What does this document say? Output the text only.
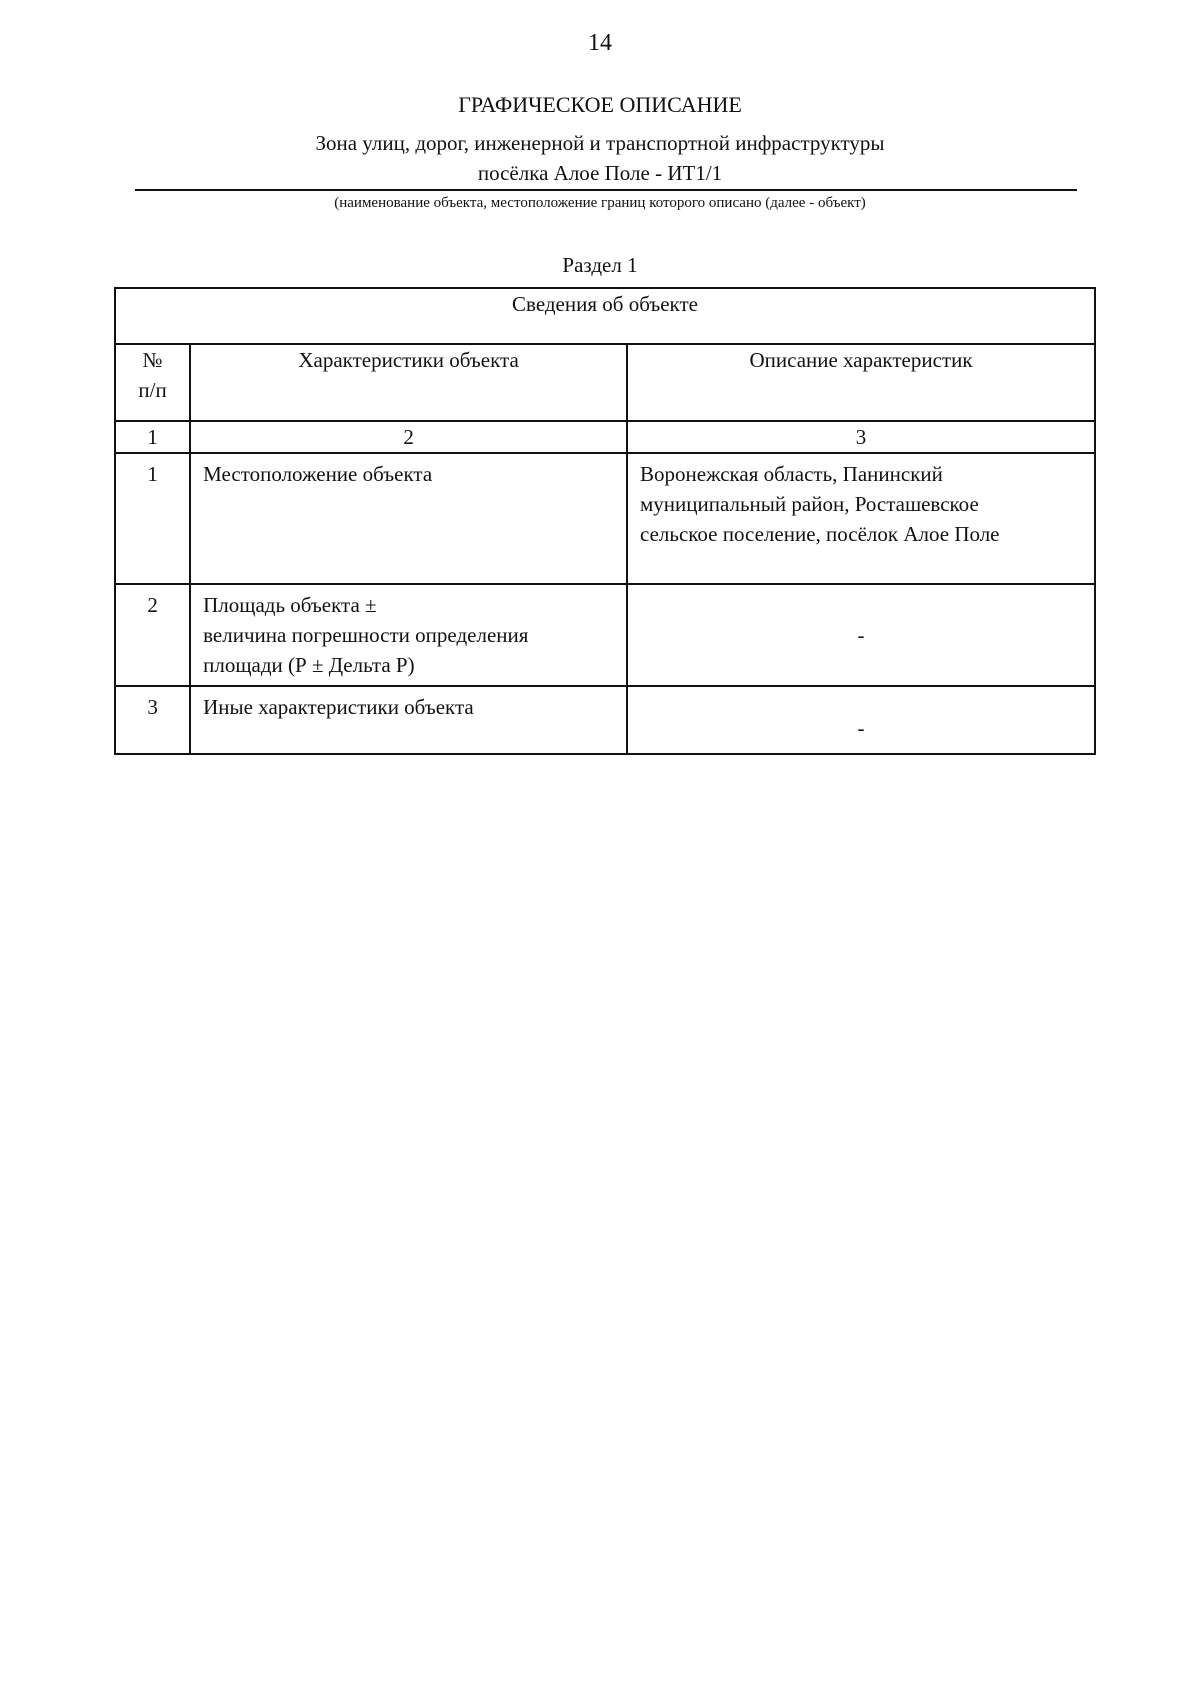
14
ГРАФИЧЕСКОЕ ОПИСАНИЕ
Зона улиц, дорог, инженерной и транспортной инфраструктуры
посёлка Алое Поле - ИТ1/1
(наименование объекта, местоположение границ которого описано (далее - объект)
Раздел 1
Сведения об объекте		

№
п/п	Характеристики объекта	Описание характеристик
1	2	3
1	Местоположение объекта	Воронежская область, Панинский
муниципальный район, Росташевское
сельское поселение, посёлок Алое Поле

2	Площадь объекта ±
величина погрешности определения
площади (Р ± Дельта Р)	-
3	Иные характеристики объекта	-
